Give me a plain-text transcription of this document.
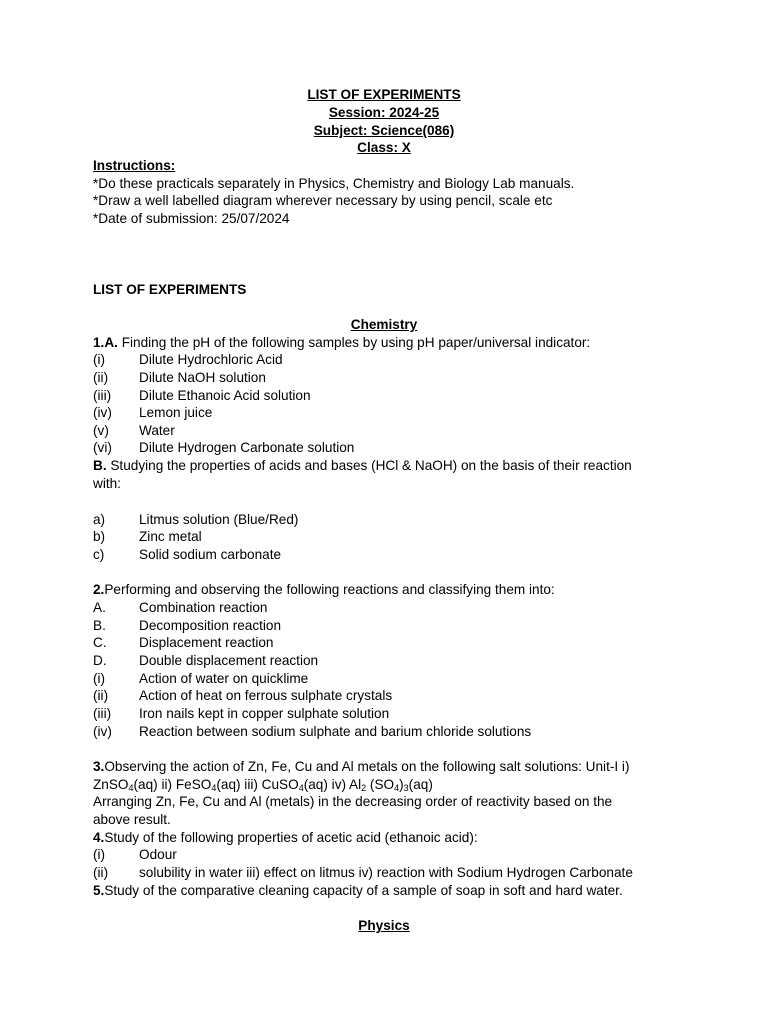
LIST OF EXPERIMENTS
Session: 2024-25
Subject: Science(086)
Class: X
Instructions:
*Do these practicals separately in Physics, Chemistry and Biology Lab manuals.
*Draw a well labelled diagram wherever necessary by using pencil, scale etc
*Date of submission: 25/07/2024
LIST OF EXPERIMENTS
Chemistry
1.A. Finding the pH of the following samples by using pH paper/universal indicator:
(i) Dilute Hydrochloric Acid
(ii) Dilute NaOH solution
(iii) Dilute Ethanoic Acid solution
(iv) Lemon juice
(v) Water
(vi) Dilute Hydrogen Carbonate solution
B. Studying the properties of acids and bases (HCl & NaOH) on the basis of their reaction
with:
a) Litmus solution (Blue/Red)
b) Zinc metal
c)	Solid sodium carbonate
2.Performing and observing the following reactions and classifying them into:
A. Combination reaction
B. Decomposition reaction
C. Displacement reaction
D. Double displacement reaction
(i) Action of water on quicklime
(ii) Action of heat on ferrous sulphate crystals
(iii) Iron nails kept in copper sulphate solution
(iv) Reaction between sodium sulphate and barium chloride solutions
3.Observing the action of Zn, Fe, Cu and Al metals on the following salt solutions: Unit-I i)
ZnSO$_4$(aq) ii) FeSO$_4$(aq) iii) CuSO$_4$(aq) iv) $Al_2$ $(SO_4)_3(aq)$
Arranging Zn, Fe, Cu and Al (metals) in the decreasing order of reactivity based on the
above result.
4.Study of the following properties of acetic acid (ethanoic acid):
(i) Odour
(ii) solubility in water iii) effect on litmus iv) reaction with Sodium Hydrogen Carbonate
5.Study of the comparative cleaning capacity of a sample of soap in soft and hard water.
Physics
